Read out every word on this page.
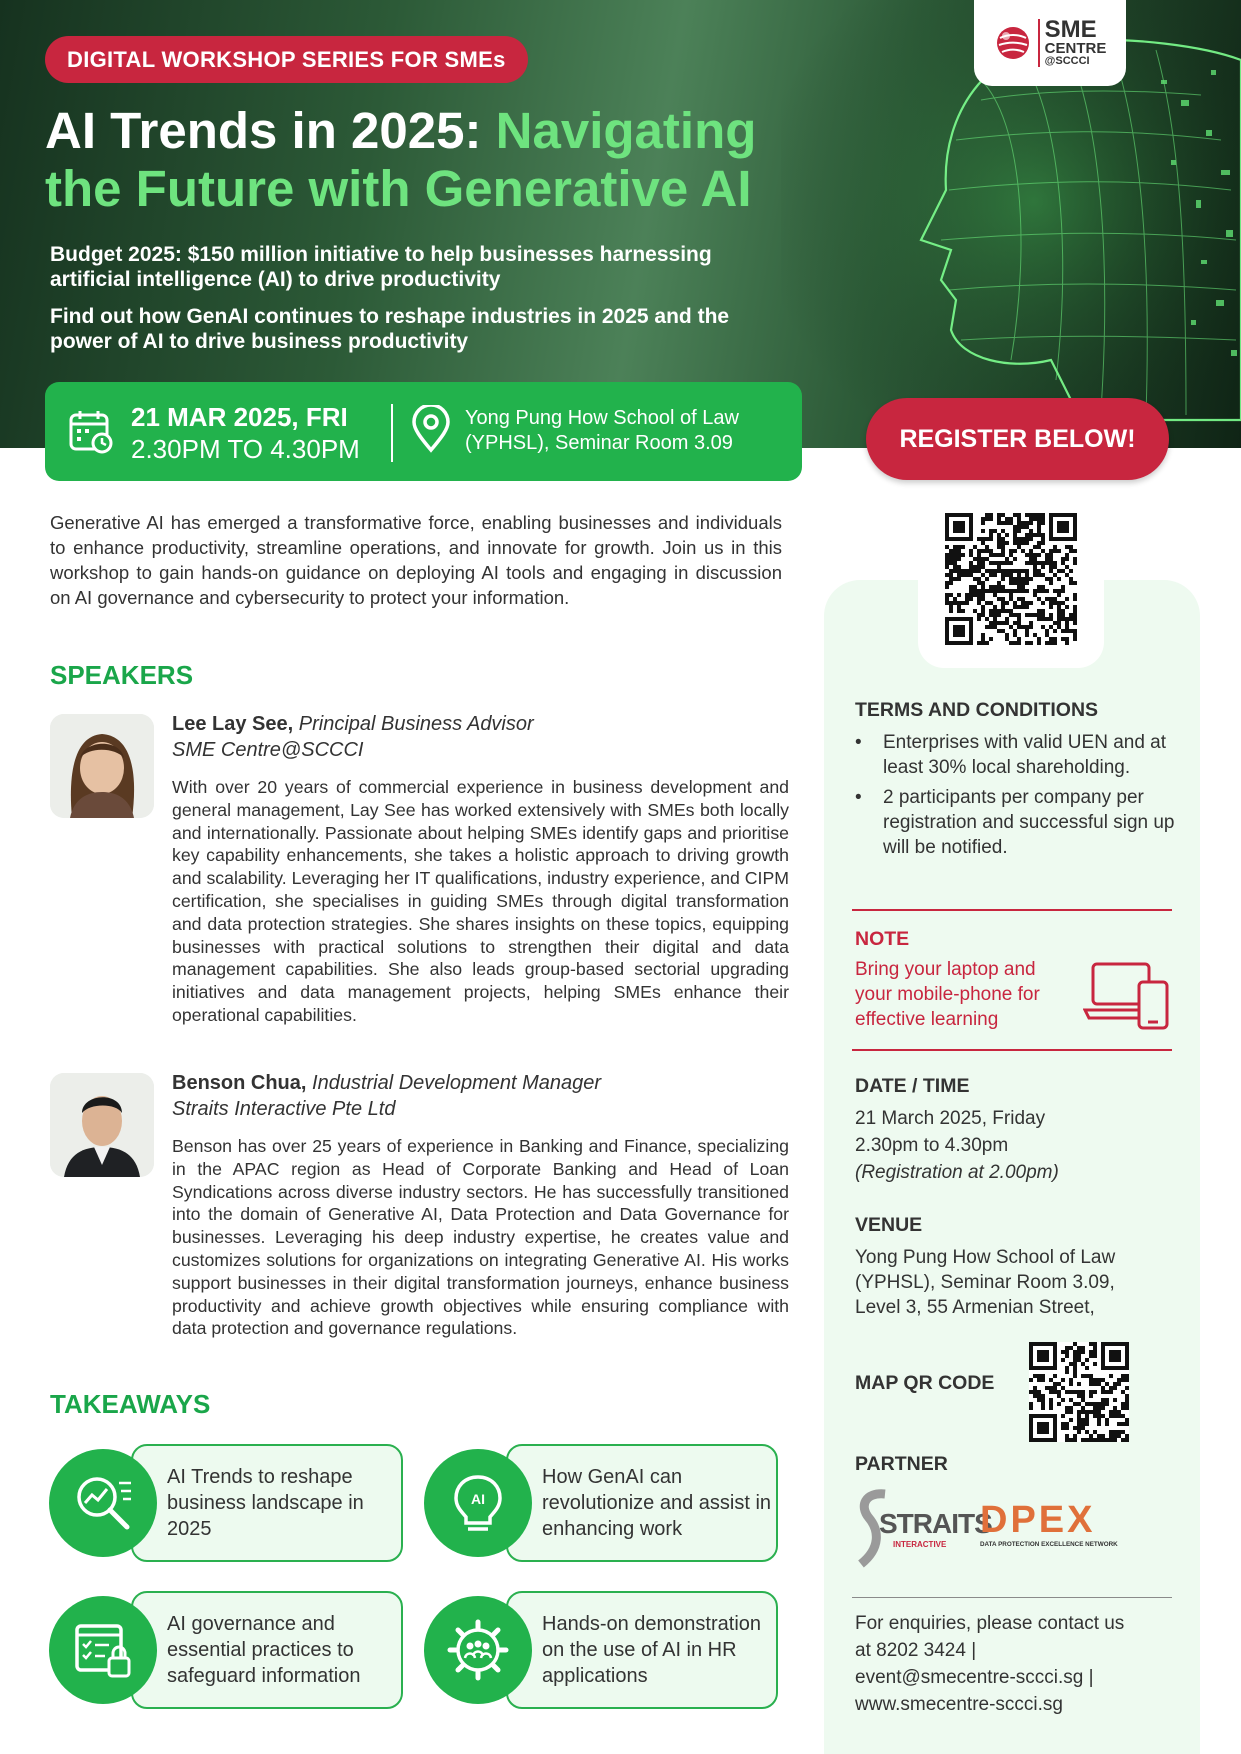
DIGITAL WORKSHOP SERIES FOR SMEs
AI Trends in 2025: Navigating the Future with Generative AI
Budget 2025: $150 million initiative to help businesses harnessing artificial intelligence (AI) to drive productivity
Find out how GenAI continues to reshape industries in 2025 and the power of AI to drive business productivity
SME
CENTRE
@SCCCI
21 MAR 2025, FRI
2.30PM TO 4.30PM
Yong Pung How School of Law
(YPHSL), Seminar Room 3.09	REGISTER BELOW!
TERMS AND CONDITIONS
• Enterprises with valid UEN and at least 30% local shareholding.
• 2 participants per company per registration and successful sign up will be notified.
NOTE
Bring your laptop and your mobile-phone for effective learning
DATE / TIME
21 March 2025, Friday
2.30pm to 4.30pm
(Registration at 2.00pm)
VENUE
Yong Pung How School of Law
(YPHSL), Seminar Room 3.09,
Level 3, 55 Armenian Street,
MAP QR CODE
PARTNER
STRAITS
INTERACTIVE
DPEX
DATA PROTECTION EXCELLENCE NETWORK
For enquiries, please contact us
at 8202 3424 |
event@smecentre-sccci.sg |
www.smecentre-sccci.sg
Generative AI has emerged a transformative force, enabling businesses and individuals to enhance productivity, streamline operations, and innovate for growth. Join us in this workshop to gain hands-on guidance on deploying AI tools and engaging in discussion on AI governance and cybersecurity to protect your information.
SPEAKERS
Lee Lay See, Principal Business Advisor
SME Centre@SCCCI
With over 20 years of commercial experience in business development and general management, Lay See has worked extensively with SMEs both locally and internationally. Passionate about helping SMEs identify gaps and prioritise key capability enhancements, she takes a holistic approach to driving growth and scalability. Leveraging her IT qualifications, industry experience, and CIPM certification, she specialises in guiding SMEs through digital transformation and data protection strategies. She shares insights on these topics, equipping businesses with practical solutions to strengthen their digital and data management capabilities. She also leads group-based sectorial upgrading initiatives and data management projects, helping SMEs enhance their operational capabilities.
Benson Chua, Industrial Development Manager
Straits Interactive Pte Ltd
Benson has over 25 years of experience in Banking and Finance, specializing in the APAC region as Head of Corporate Banking and Head of Loan Syndications across diverse industry sectors. He has successfully transitioned into the domain of Generative AI, Data Protection and Data Governance for businesses. Leveraging his deep industry expertise, he creates value and customizes solutions for organizations on integrating Generative AI. His works support businesses in their digital transformation journeys, enhance business productivity and achieve growth objectives while ensuring compliance with data protection and governance regulations.
TAKEAWAYS
AI Trends to reshape business landscape in 2025
AI
How GenAI can revolutionize and assist in enhancing work
AI governance and essential practices to safeguard information
Hands-on demonstration on the use of AI in HR applications
